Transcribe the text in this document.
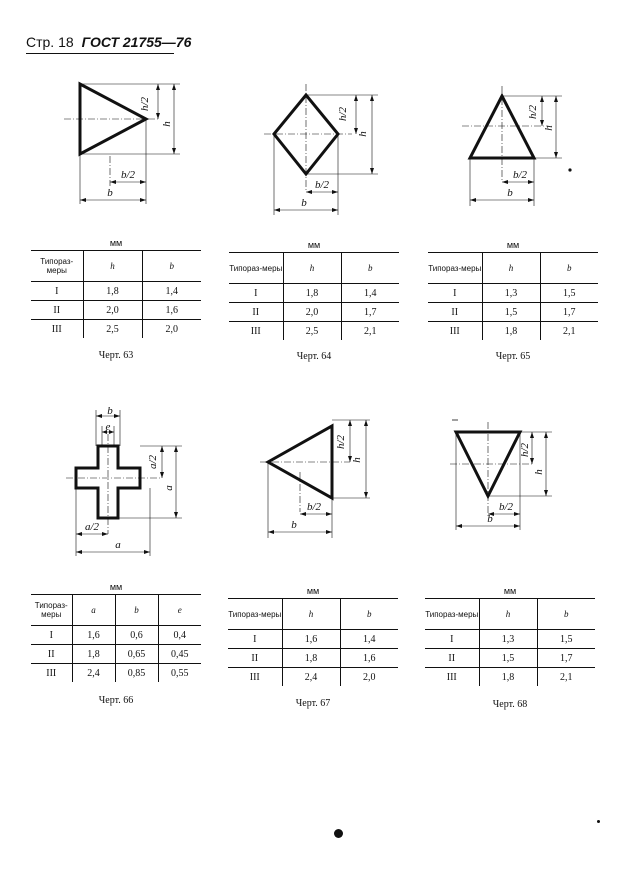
Стр. 18 ГОСТ 21755—76
h/2
h
b/2
b
h/2
h
b/2
b
h/2
h
b/2
b
b
e
a/2
a
a/2
a
h/2
h
b/2
b
h/2
h
b/2
b
мм
Типораз-меры	h	b
I	1,8	1,4
II	2,0	1,6
III	2,5	2,0
Черт. 63
мм
Типораз-меры	h	b
I	1,8	1,4
II	2,0	1,7
III	2,5	2,1
Черт. 64
мм
Типораз-меры	h	b
I	1,3	1,5
II	1,5	1,7
III	1,8	2,1
Черт. 65
мм
Типораз-меры	a	b	e
I	1,6	0,6	0,4
II	1,8	0,65	0,45
III	2,4	0,85	0,55
Черт. 66
мм
Типораз-меры	h	b
I	1,6	1,4
II	1,8	1,6
III	2,4	2,0
Черт. 67
мм
Типораз-меры	h	b
I	1,3	1,5
II	1,5	1,7
III	1,8	2,1
Черт. 68
